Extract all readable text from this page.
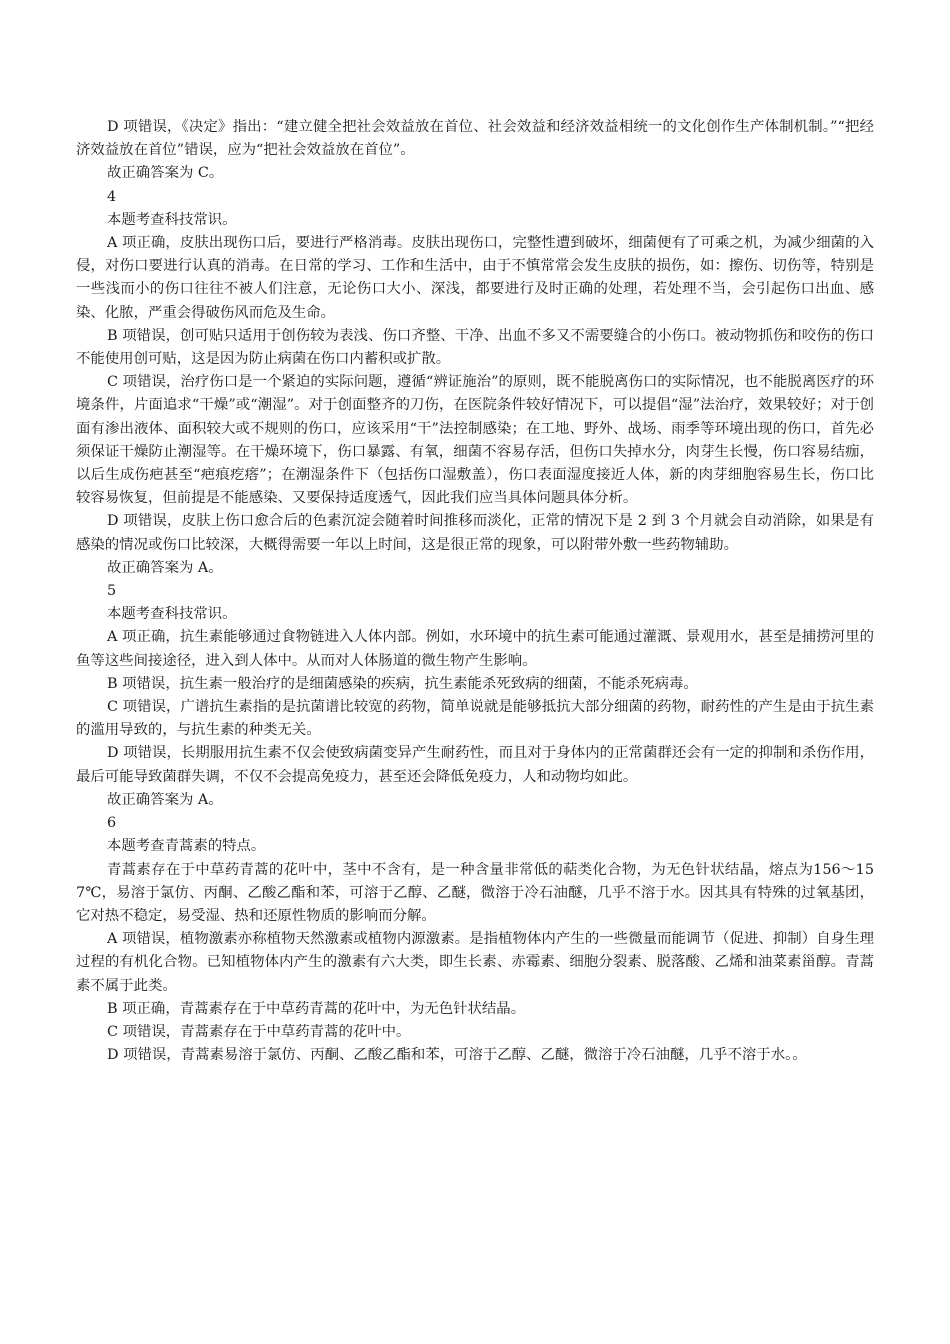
D 项错误，《决定》指出：“建立健全把社会效益放在首位、社会效益和经济效益相统一的文化创作生产体制机制。”“把经济效益放在首位”错误，应为“把社会效益放在首位”。

故正确答案为 C。

4

本题考查科技常识。

A 项正确，皮肤出现伤口后，要进行严格消毒。皮肤出现伤口，完整性遭到破坏，细菌便有了可乘之机，为减少细菌的入侵，对伤口要进行认真的消毒。在日常的学习、工作和生活中，由于不慎常常会发生皮肤的损伤，如：擦伤、切伤等，特别是一些浅而小的伤口往往不被人们注意，无论伤口大小、深浅，都要进行及时正确的处理，若处理不当，会引起伤口出血、感染、化脓，严重会得破伤风而危及生命。

B 项错误，创可贴只适用于创伤较为表浅、伤口齐整、干净、出血不多又不需要缝合的小伤口。被动物抓伤和咬伤的伤口不能使用创可贴，这是因为防止病菌在伤口内蓄积或扩散。

C 项错误，治疗伤口是一个紧迫的实际问题，遵循“辨证施治”的原则，既不能脱离伤口的实际情况，也不能脱离医疗的环境条件，片面追求“干燥”或“潮湿”。对于创面整齐的刀伤，在医院条件较好情况下，可以提倡“湿”法治疗，效果较好；对于创面有渗出液体、面积较大或不规则的伤口，应该采用“干”法控制感染；在工地、野外、战场、雨季等环境出现的伤口，首先必须保证干燥防止潮湿等。在干燥环境下，伤口暴露、有氧，细菌不容易存活，但伤口失掉水分，肉芽生长慢，伤口容易结痂，以后生成伤疤甚至“疤痕疙瘩”；在潮湿条件下（包括伤口湿敷盖），伤口表面湿度接近人体，新的肉芽细胞容易生长，伤口比较容易恢复，但前提是不能感染、又要保持适度透气，因此我们应当具体问题具体分析。

D 项错误，皮肤上伤口愈合后的色素沉淀会随着时间推移而淡化，正常的情况下是 2 到 3 个月就会自动消除，如果是有感染的情况或伤口比较深，大概得需要一年以上时间，这是很正常的现象，可以附带外敷一些药物辅助。

故正确答案为 A。

5

本题考查科技常识。

A 项正确，抗生素能够通过食物链进入人体内部。例如，水环境中的抗生素可能通过灌溉、景观用水，甚至是捕捞河里的鱼等这些间接途径，进入到人体中。从而对人体肠道的微生物产生影响。

B 项错误，抗生素一般治疗的是细菌感染的疾病，抗生素能杀死致病的细菌，不能杀死病毒。

C 项错误，广谱抗生素指的是抗菌谱比较宽的药物，简单说就是能够抵抗大部分细菌的药物，耐药性的产生是由于抗生素的滥用导致的，与抗生素的种类无关。

D 项错误，长期服用抗生素不仅会使致病菌变异产生耐药性，而且对于身体内的正常菌群还会有一定的抑制和杀伤作用，最后可能导致菌群失调，不仅不会提高免疫力，甚至还会降低免疫力，人和动物均如此。

故正确答案为 A。

6

本题考查青蒿素的特点。

青蒿素存在于中草药青蒿的花叶中，茎中不含有，是一种含量非常低的萜类化合物，为无色针状结晶，熔点为156～157℃，易溶于氯仿、丙酮、乙酸乙酯和苯，可溶于乙醇、乙醚，微溶于冷石油醚，几乎不溶于水。因其具有特殊的过氧基团，它对热不稳定，易受湿、热和还原性物质的影响而分解。

A 项错误，植物激素亦称植物天然激素或植物内源激素。是指植物体内产生的一些微量而能调节（促进、抑制）自身生理过程的有机化合物。已知植物体内产生的激素有六大类，即生长素、赤霉素、细胞分裂素、脱落酸、乙烯和油菜素甾醇。青蒿素不属于此类。

B 项正确，青蒿素存在于中草药青蒿的花叶中，为无色针状结晶。

C 项错误，青蒿素存在于中草药青蒿的花叶中。

D 项错误，青蒿素易溶于氯仿、丙酮、乙酸乙酯和苯，可溶于乙醇、乙醚，微溶于冷石油醚，几乎不溶于水。。
